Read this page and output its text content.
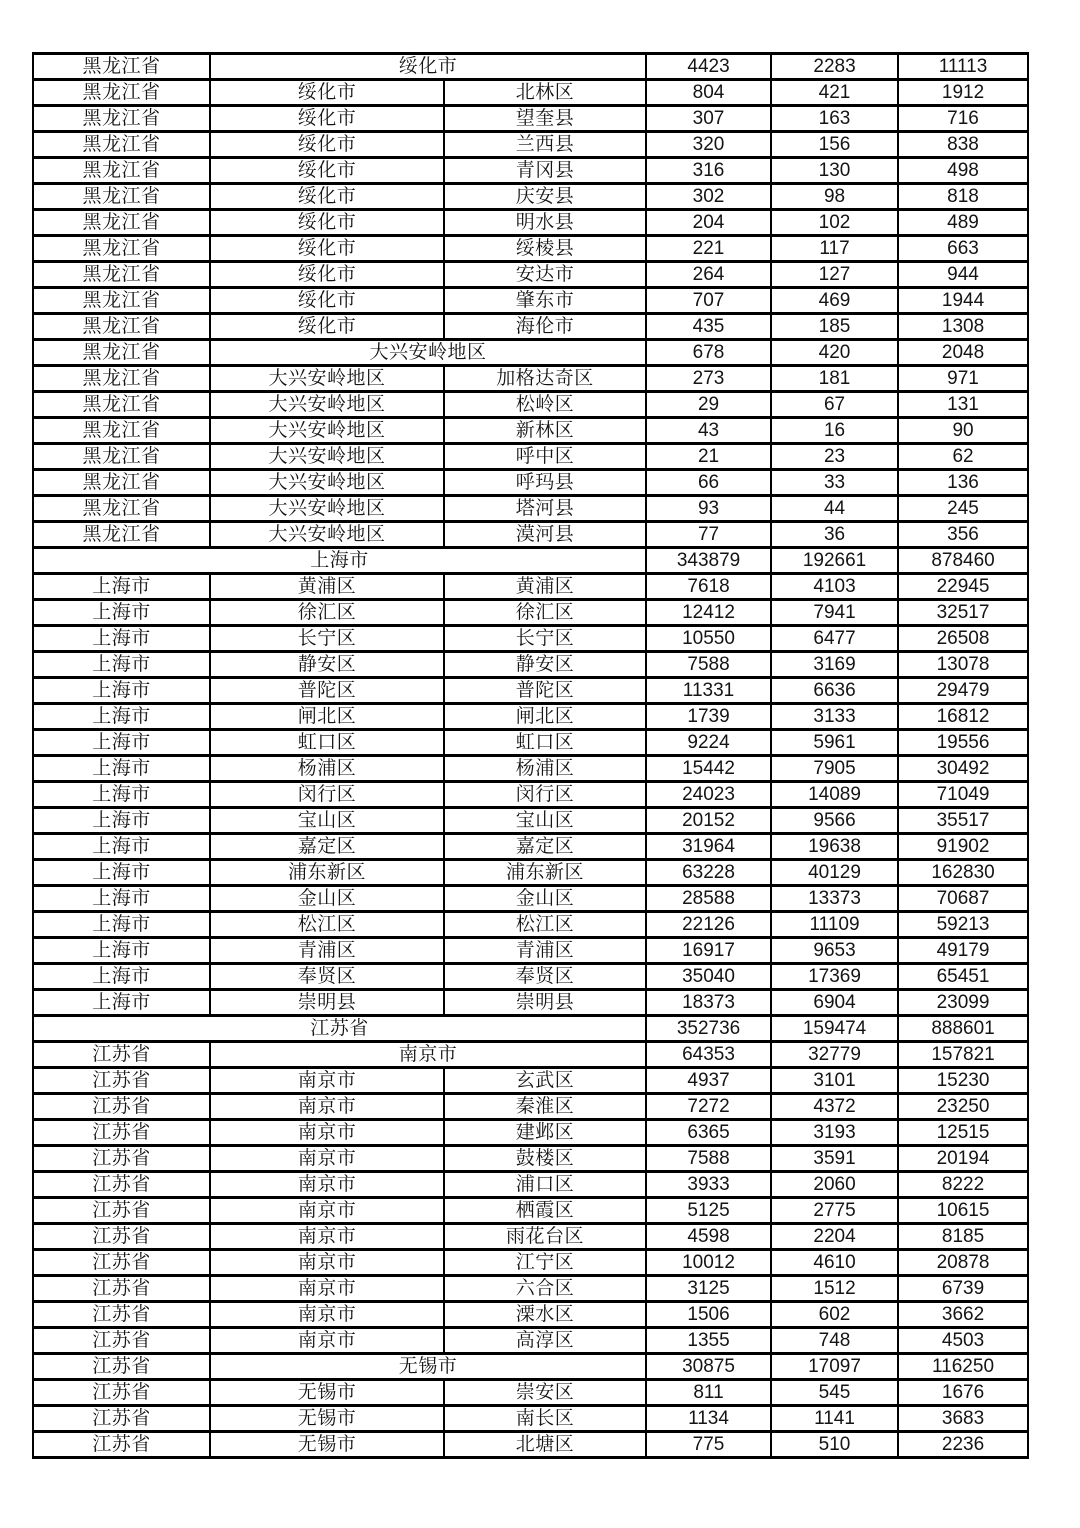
黑龙江省	绥化市		4423	2283	11113
黑龙江省	绥化市	北林区	804	421	1912
黑龙江省	绥化市	望奎县	307	163	716
黑龙江省	绥化市	兰西县	320	156	838
黑龙江省	绥化市	青冈县	316	130	498
黑龙江省	绥化市	庆安县	302	98	818
黑龙江省	绥化市	明水县	204	102	489
黑龙江省	绥化市	绥棱县	221	117	663
黑龙江省	绥化市	安达市	264	127	944
黑龙江省	绥化市	肇东市	707	469	1944
黑龙江省	绥化市	海伦市	435	185	1308
黑龙江省	大兴安岭地区		678	420	2048
黑龙江省	大兴安岭地区	加格达奇区	273	181	971
黑龙江省	大兴安岭地区	松岭区	29	67	131
黑龙江省	大兴安岭地区	新林区	43	16	90
黑龙江省	大兴安岭地区	呼中区	21	23	62
黑龙江省	大兴安岭地区	呼玛县	66	33	136
黑龙江省	大兴安岭地区	塔河县	93	44	245
黑龙江省	大兴安岭地区	漠河县	77	36	356
上海市			343879	192661	878460
上海市	黄浦区	黄浦区	7618	4103	22945
上海市	徐汇区	徐汇区	12412	7941	32517
上海市	长宁区	长宁区	10550	6477	26508
上海市	静安区	静安区	7588	3169	13078
上海市	普陀区	普陀区	11331	6636	29479
上海市	闸北区	闸北区	1739	3133	16812
上海市	虹口区	虹口区	9224	5961	19556
上海市	杨浦区	杨浦区	15442	7905	30492
上海市	闵行区	闵行区	24023	14089	71049
上海市	宝山区	宝山区	20152	9566	35517
上海市	嘉定区	嘉定区	31964	19638	91902
上海市	浦东新区	浦东新区	63228	40129	162830
上海市	金山区	金山区	28588	13373	70687
上海市	松江区	松江区	22126	11109	59213
上海市	青浦区	青浦区	16917	9653	49179
上海市	奉贤区	奉贤区	35040	17369	65451
上海市	崇明县	崇明县	18373	6904	23099
江苏省			352736	159474	888601
江苏省	南京市		64353	32779	157821
江苏省	南京市	玄武区	4937	3101	15230
江苏省	南京市	秦淮区	7272	4372	23250
江苏省	南京市	建邺区	6365	3193	12515
江苏省	南京市	鼓楼区	7588	3591	20194
江苏省	南京市	浦口区	3933	2060	8222
江苏省	南京市	栖霞区	5125	2775	10615
江苏省	南京市	雨花台区	4598	2204	8185
江苏省	南京市	江宁区	10012	4610	20878
江苏省	南京市	六合区	3125	1512	6739
江苏省	南京市	溧水区	1506	602	3662
江苏省	南京市	高淳区	1355	748	4503
江苏省	无锡市		30875	17097	116250
江苏省	无锡市	崇安区	811	545	1676
江苏省	无锡市	南长区	1134	1141	3683
江苏省	无锡市	北塘区	775	510	2236
